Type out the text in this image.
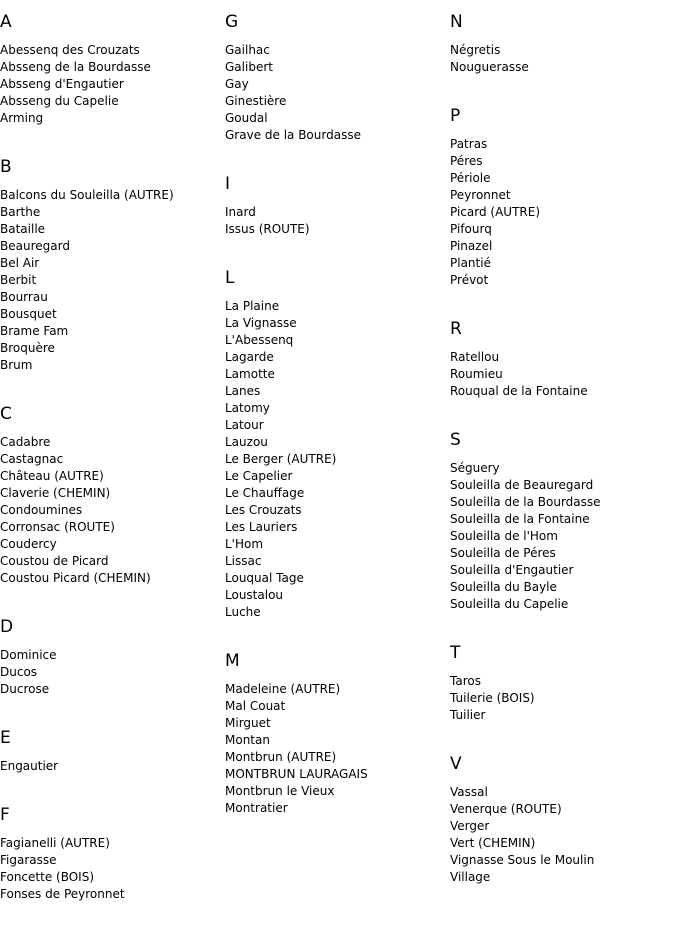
A
Abessenq des Crouzats
Absseng de la Bourdasse
Absseng d'Engautier
Absseng du Capelie
Arming
B
Balcons du Souleilla (AUTRE)
Barthe
Bataille
Beauregard
Bel Air
Berbit
Bourrau
Bousquet
Brame Fam
Broquère
Brum
C
Cadabre
Castagnac
Château (AUTRE)
Claverie (CHEMIN)
Condoumines
Corronsac (ROUTE)
Coudercy
Coustou de Picard
Coustou Picard (CHEMIN)
D
Dominice
Ducos
Ducrose
E
Engautier
F
Fagianelli (AUTRE)
Figarasse
Foncette (BOIS)
Fonses de Peyronnet
G
Gailhac
Galibert
Gay
Ginestière
Goudal
Grave de la Bourdasse
I
Inard
Issus (ROUTE)
L
La Plaine
La Vignasse
L'Abessenq
Lagarde
Lamotte
Lanes
Latomy
Latour
Lauzou
Le Berger (AUTRE)
Le Capelier
Le Chauffage
Les Crouzats
Les Lauriers
L'Hom
Lissac
Louqual Tage
Loustalou
Luche
M
Madeleine (AUTRE)
Mal Couat
Mirguet
Montan
Montbrun (AUTRE)
MONTBRUN LAURAGAIS
Montbrun le Vieux
Montratier
N
Négretis
Nouguerasse
P
Patras
Péres
Périole
Peyronnet
Picard (AUTRE)
Pifourq
Pinazel
Plantié
Prévot
R
Ratellou
Roumieu
Rouqual de la Fontaine
S
Séguery
Souleilla de Beauregard
Souleilla de la Bourdasse
Souleilla de la Fontaine
Souleilla de l'Hom
Souleilla de Péres
Souleilla d'Engautier
Souleilla du Bayle
Souleilla du Capelie
T
Taros
Tuilerie (BOIS)
Tuilier
V
Vassal
Venerque (ROUTE)
Verger
Vert (CHEMIN)
Vignasse Sous le Moulin
Village
